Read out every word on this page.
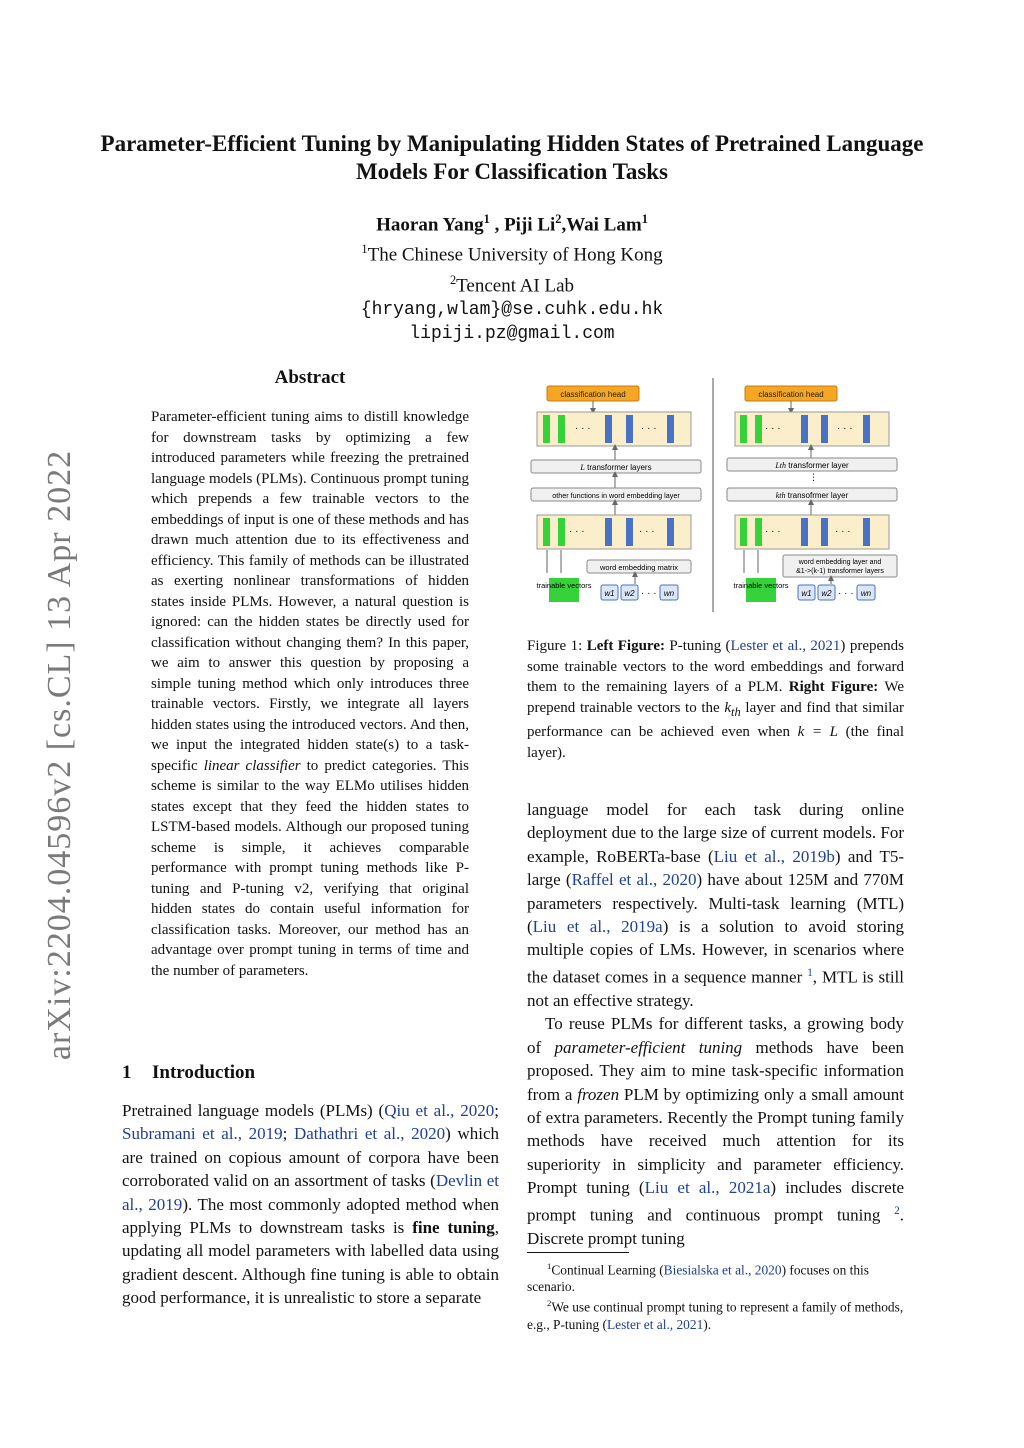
Parameter-Efficient Tuning by Manipulating Hidden States of Pretrained Language Models For Classification Tasks
Haoran Yang$^1$ , Piji Li$^2$,Wai Lam$^1$
$^1$The Chinese University of Hong Kong
$^2$Tencent AI Lab
{hryang,wlam}@se.cuhk.edu.hk
lipiji.pz@gmail.com
arXiv:2204.04596v2 [cs.CL] 13 Apr 2022
Abstract
Parameter-efficient tuning aims to distill knowledge for downstream tasks by optimizing a few introduced parameters while freezing the pretrained language models (PLMs). Continuous prompt tuning which prepends a few trainable vectors to the embeddings of input is one of these methods and has drawn much attention due to its effectiveness and efficiency. This family of methods can be illustrated as exerting nonlinear transformations of hidden states inside PLMs. However, a natural question is ignored: can the hidden states be directly used for classification without changing them? In this paper, we aim to answer this question by proposing a simple tuning method which only introduces three trainable vectors. Firstly, we integrate all layers hidden states using the introduced vectors. And then, we input the integrated hidden state(s) to a task-specific linear classifier to predict categories. This scheme is similar to the way ELMo utilises hidden states except that they feed the hidden states to LSTM-based models. Although our proposed tuning scheme is simple, it achieves comparable performance with prompt tuning methods like P-tuning and P-tuning v2, verifying that original hidden states do contain useful information for classification tasks. Moreover, our method has an advantage over prompt tuning in terms of time and the number of parameters.
1 Introduction
Pretrained language models (PLMs) (Qiu et al., 2020; Subramani et al., 2019; Dathathri et al., 2020) which are trained on copious amount of corpora have been corroborated valid on an assortment of tasks (Devlin et al., 2019). The most commonly adopted method when applying PLMs to downstream tasks is fine tuning, updating all model parameters with labelled data using gradient descent. Although fine tuning is able to obtain good performance, it is unrealistic to store a separate
classification head
· · ·	· · ·
L transformer layers
other functions in word embedding layer
· · ·	· · ·
word embedding matrix
trainable vectors
w1 w2 · · · wn
classification head
· · ·	· · ·
Lth transformer layer
⋮
kth transofrmer layer
· · ·	· · ·
word embedding layer and &1->(k-1) transformer layers
trainable vectors
w1 w2 · · · wn
Figure 1: Left Figure: P-tuning (Lester et al., 2021) prepends some trainable vectors to the word embeddings and forward them to the remaining layers of a PLM. Right Figure: We prepend trainable vectors to the $k_{th}$ layer and find that similar performance can be achieved even when k = L (the final layer).

language model for each task during online deployment due to the large size of current models. For example, RoBERTa-base (Liu et al., 2019b) and T5-large (Raffel et al., 2020) have about 125M and 770M parameters respectively. Multi-task learning (MTL) (Liu et al., 2019a) is a solution to avoid storing multiple copies of LMs. However, in scenarios where the dataset comes in a sequence manner $^1$, MTL is still not an effective strategy.

To reuse PLMs for different tasks, a growing body of parameter-efficient tuning methods have been proposed. They aim to mine task-specific information from a frozen PLM by optimizing only a small amount of extra parameters. Recently the Prompt tuning family methods have received much attention for its superiority in simplicity and parameter efficiency. Prompt tuning (Liu et al., 2021a) includes discrete prompt tuning and continuous prompt tuning $^2$. Discrete prompt tuning

$^1$Continual Learning (Biesialska et al., 2020) focuses on this scenario.

$^2$We use continual prompt tuning to represent a family of methods, e.g., P-tuning (Lester et al., 2021).
